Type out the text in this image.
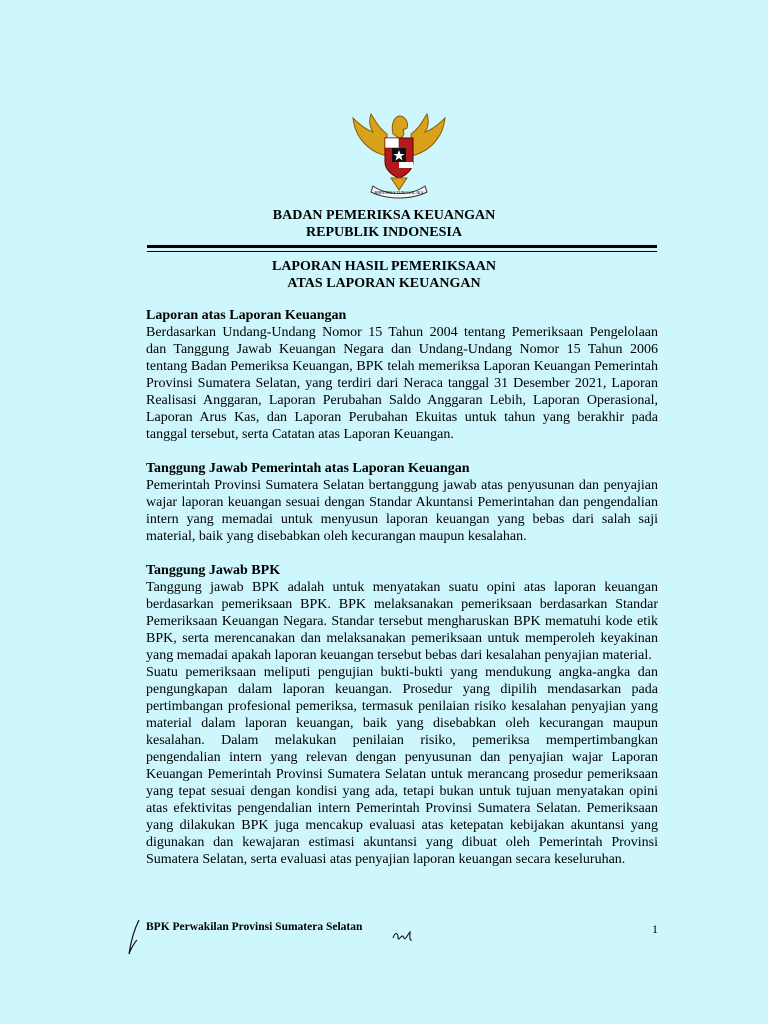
BHINNEKA TUNGGAL IKA
BADAN PEMERIKSA KEUANGAN
REPUBLIK INDONESIA
LAPORAN HASIL PEMERIKSAAN
ATAS LAPORAN KEUANGAN
Laporan atas Laporan Keuangan

Berdasarkan Undang-Undang Nomor 15 Tahun 2004 tentang Pemeriksaan Pengelolaan dan Tanggung Jawab Keuangan Negara dan Undang-Undang Nomor 15 Tahun 2006 tentang Badan Pemeriksa Keuangan, BPK telah memeriksa Laporan Keuangan Pemerintah Provinsi Sumatera Selatan, yang terdiri dari Neraca tanggal 31 Desember 2021, Laporan Realisasi Anggaran, Laporan Perubahan Saldo Anggaran Lebih, Laporan Operasional, Laporan Arus Kas, dan Laporan Perubahan Ekuitas untuk tahun yang berakhir pada tanggal tersebut, serta Catatan atas Laporan Keuangan.

Tanggung Jawab Pemerintah atas Laporan Keuangan

Pemerintah Provinsi Sumatera Selatan bertanggung jawab atas penyusunan dan penyajian wajar laporan keuangan sesuai dengan Standar Akuntansi Pemerintahan dan pengendalian intern yang memadai untuk menyusun laporan keuangan yang bebas dari salah saji material, baik yang disebabkan oleh kecurangan maupun kesalahan.

Tanggung Jawab BPK

Tanggung jawab BPK adalah untuk menyatakan suatu opini atas laporan keuangan berdasarkan pemeriksaan BPK. BPK melaksanakan pemeriksaan berdasarkan Standar Pemeriksaan Keuangan Negara. Standar tersebut mengharuskan BPK mematuhi kode etik BPK, serta merencanakan dan melaksanakan pemeriksaan untuk memperoleh keyakinan yang memadai apakah laporan keuangan tersebut bebas dari kesalahan penyajian material.

Suatu pemeriksaan meliputi pengujian bukti-bukti yang mendukung angka-angka dan pengungkapan dalam laporan keuangan. Prosedur yang dipilih mendasarkan pada pertimbangan profesional pemeriksa, termasuk penilaian risiko kesalahan penyajian yang material dalam laporan keuangan, baik yang disebabkan oleh kecurangan maupun kesalahan. Dalam melakukan penilaian risiko, pemeriksa mempertimbangkan pengendalian intern yang relevan dengan penyusunan dan penyajian wajar Laporan Keuangan Pemerintah Provinsi Sumatera Selatan untuk merancang prosedur pemeriksaan yang tepat sesuai dengan kondisi yang ada, tetapi bukan untuk tujuan menyatakan opini atas efektivitas pengendalian intern Pemerintah Provinsi Sumatera Selatan. Pemeriksaan yang dilakukan BPK juga mencakup evaluasi atas ketepatan kebijakan akuntansi yang digunakan dan kewajaran estimasi akuntansi yang dibuat oleh Pemerintah Provinsi Sumatera Selatan, serta evaluasi atas penyajian laporan keuangan secara keseluruhan.

BPK Perwakilan Provinsi Sumatera Selatan	1
